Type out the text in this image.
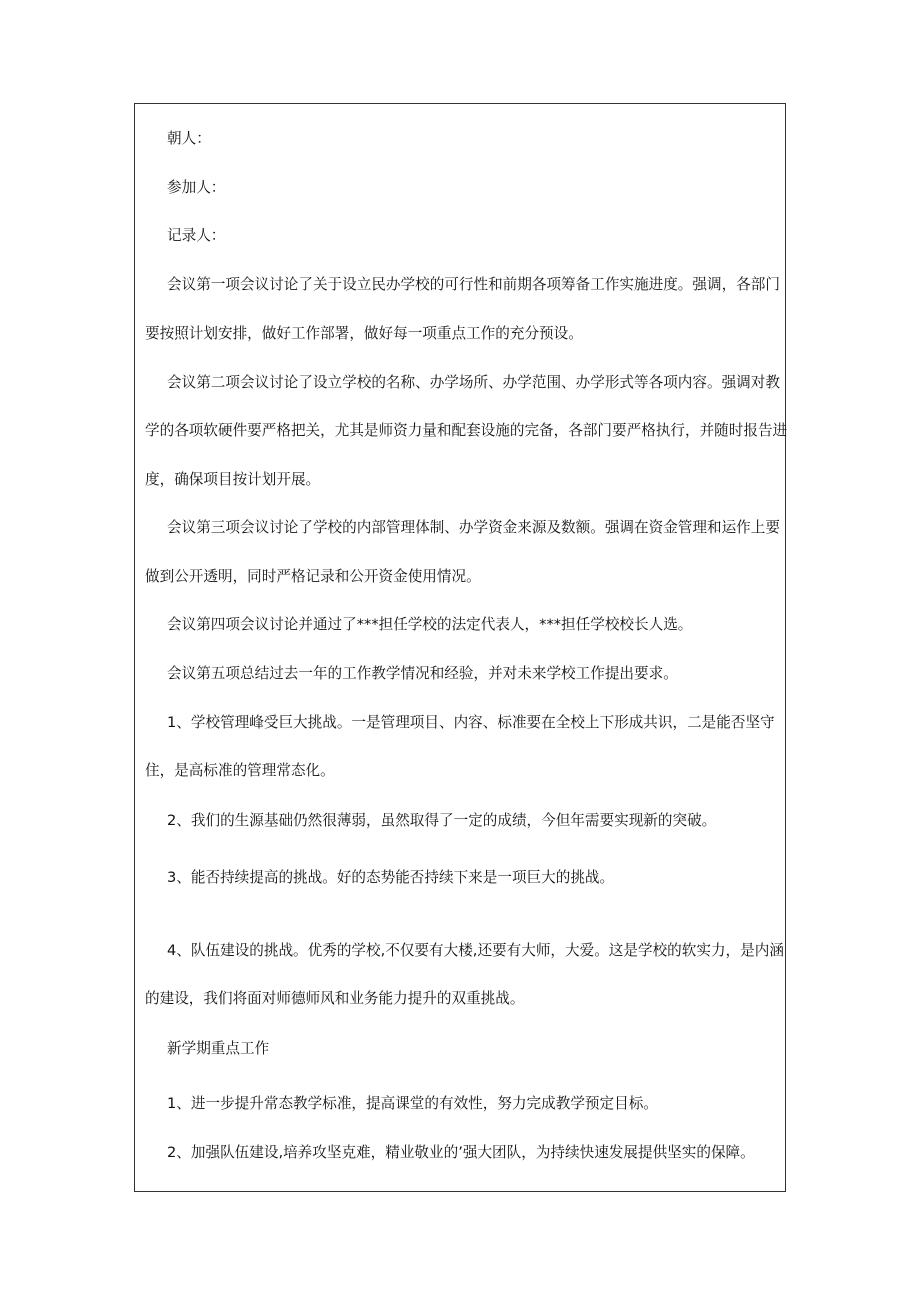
朝人：
参加人：
记录人：
会议第一项会议讨论了关于设立民办学校的可行性和前期各项筹备工作实施进度。强调，各部门
要按照计划安排，做好工作部署，做好每一项重点工作的充分预设。
会议第二项会议讨论了设立学校的名称、办学场所、办学范围、办学形式等各项内容。强调对教
学的各项软硬件要严格把关，尤其是师资力量和配套设施的完备，各部门要严格执行，并随时报告进
度，确保项目按计划开展。
会议第三项会议讨论了学校的内部管理体制、办学资金来源及数额。强调在资金管理和运作上要
做到公开透明，同时严格记录和公开资金使用情况。
会议第四项会议讨论并通过了***担任学校的法定代表人，***担任学校校长人选。
会议第五项总结过去一年的工作教学情况和经验，并对未来学校工作提出要求。
1、学校管理峰受巨大挑战。一是管理项目、内容、标准要在全校上下形成共识，二是能否坚守
住，是高标准的管理常态化。
2、我们的生源基础仍然很薄弱，虽然取得了一定的成绩，今但年需要实现新的突破。
3、能否持续提高的挑战。好的态势能否持续下来是一项巨大的挑战。
4、队伍建设的挑战。优秀的学校,不仅要有大楼,还要有大师，大爱。这是学校的软实力，是内涵
的建设，我们将面对师德师风和业务能力提升的双重挑战。
新学期重点工作
1、进一步提升常态教学标准，提高课堂的有效性，努力完成教学预定目标。
2、加强队伍建设,培养攻坚克难，精业敬业的’强大团队，为持续快速发展提供坚实的保障。
